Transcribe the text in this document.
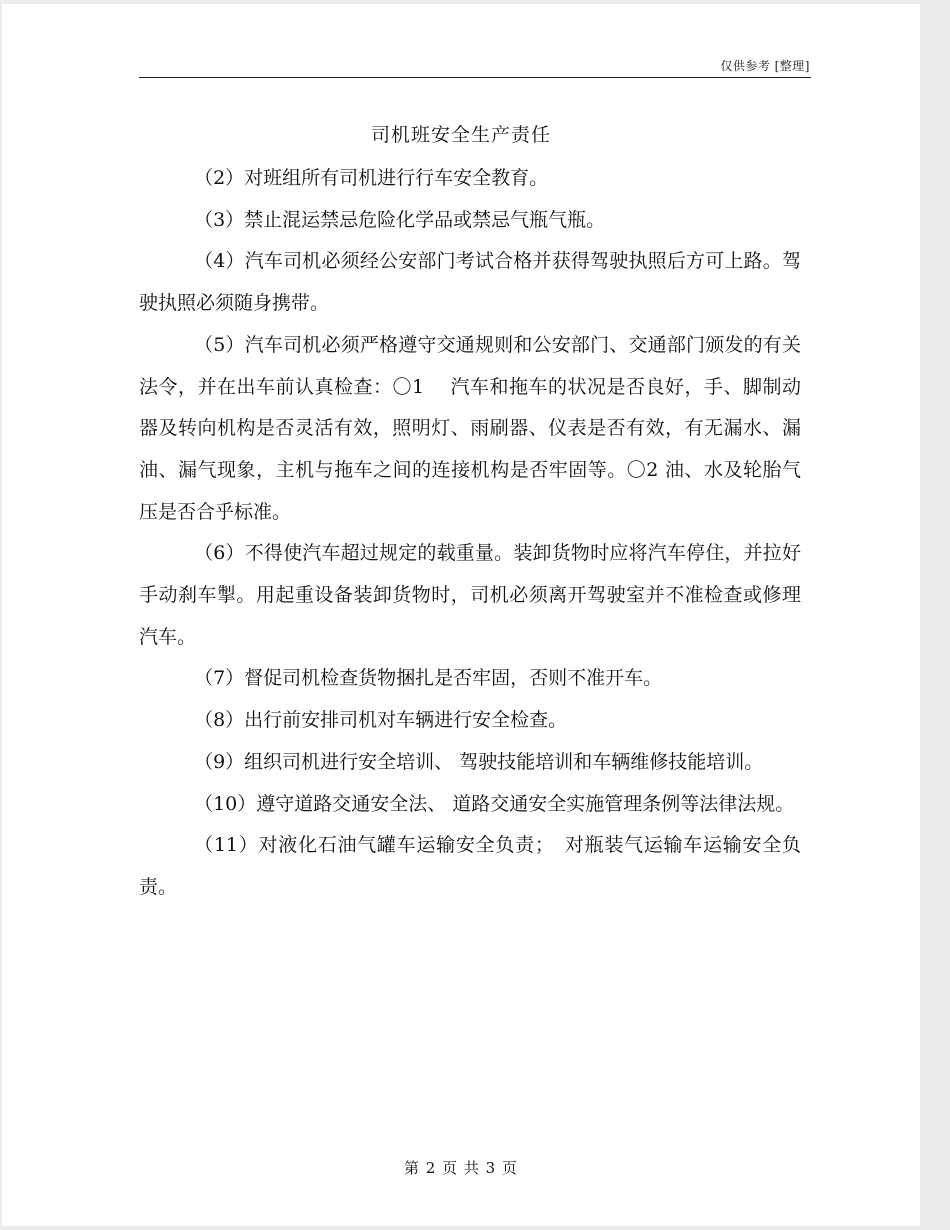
仅供参考 [整理]
司机班安全生产责任

（2）对班组所有司机进行行车安全教育。

（3）禁止混运禁忌危险化学品或禁忌气瓶气瓶。

（4）汽车司机必须经公安部门考试合格并获得驾驶执照后方可上路。驾驶执照必须随身携带。

（5）汽车司机必须严格遵守交通规则和公安部门、交通部门颁发的有关法令，并在出车前认真检查：〇1　 汽车和拖车的状况是否良好，手、脚制动器及转向机构是否灵活有效，照明灯、雨刷器、仪表是否有效，有无漏水、漏油、漏气现象，主机与拖车之间的连接机构是否牢固等。〇2 油、水及轮胎气压是否合乎标准。

（6）不得使汽车超过规定的载重量。装卸货物时应将汽车停住，并拉好手动刹车掣。用起重设备装卸货物时，司机必须离开驾驶室并不准检查或修理汽车。

（7）督促司机检查货物捆扎是否牢固，否则不准开车。

（8）出行前安排司机对车辆进行安全检查。

（9）组织司机进行安全培训、 驾驶技能培训和车辆维修技能培训。

（10）遵守道路交通安全法、 道路交通安全实施管理条例等法律法规。

（11）对液化石油气罐车运输安全负责；　对瓶装气运输车运输安全负责。

第 2 页 共 3 页
